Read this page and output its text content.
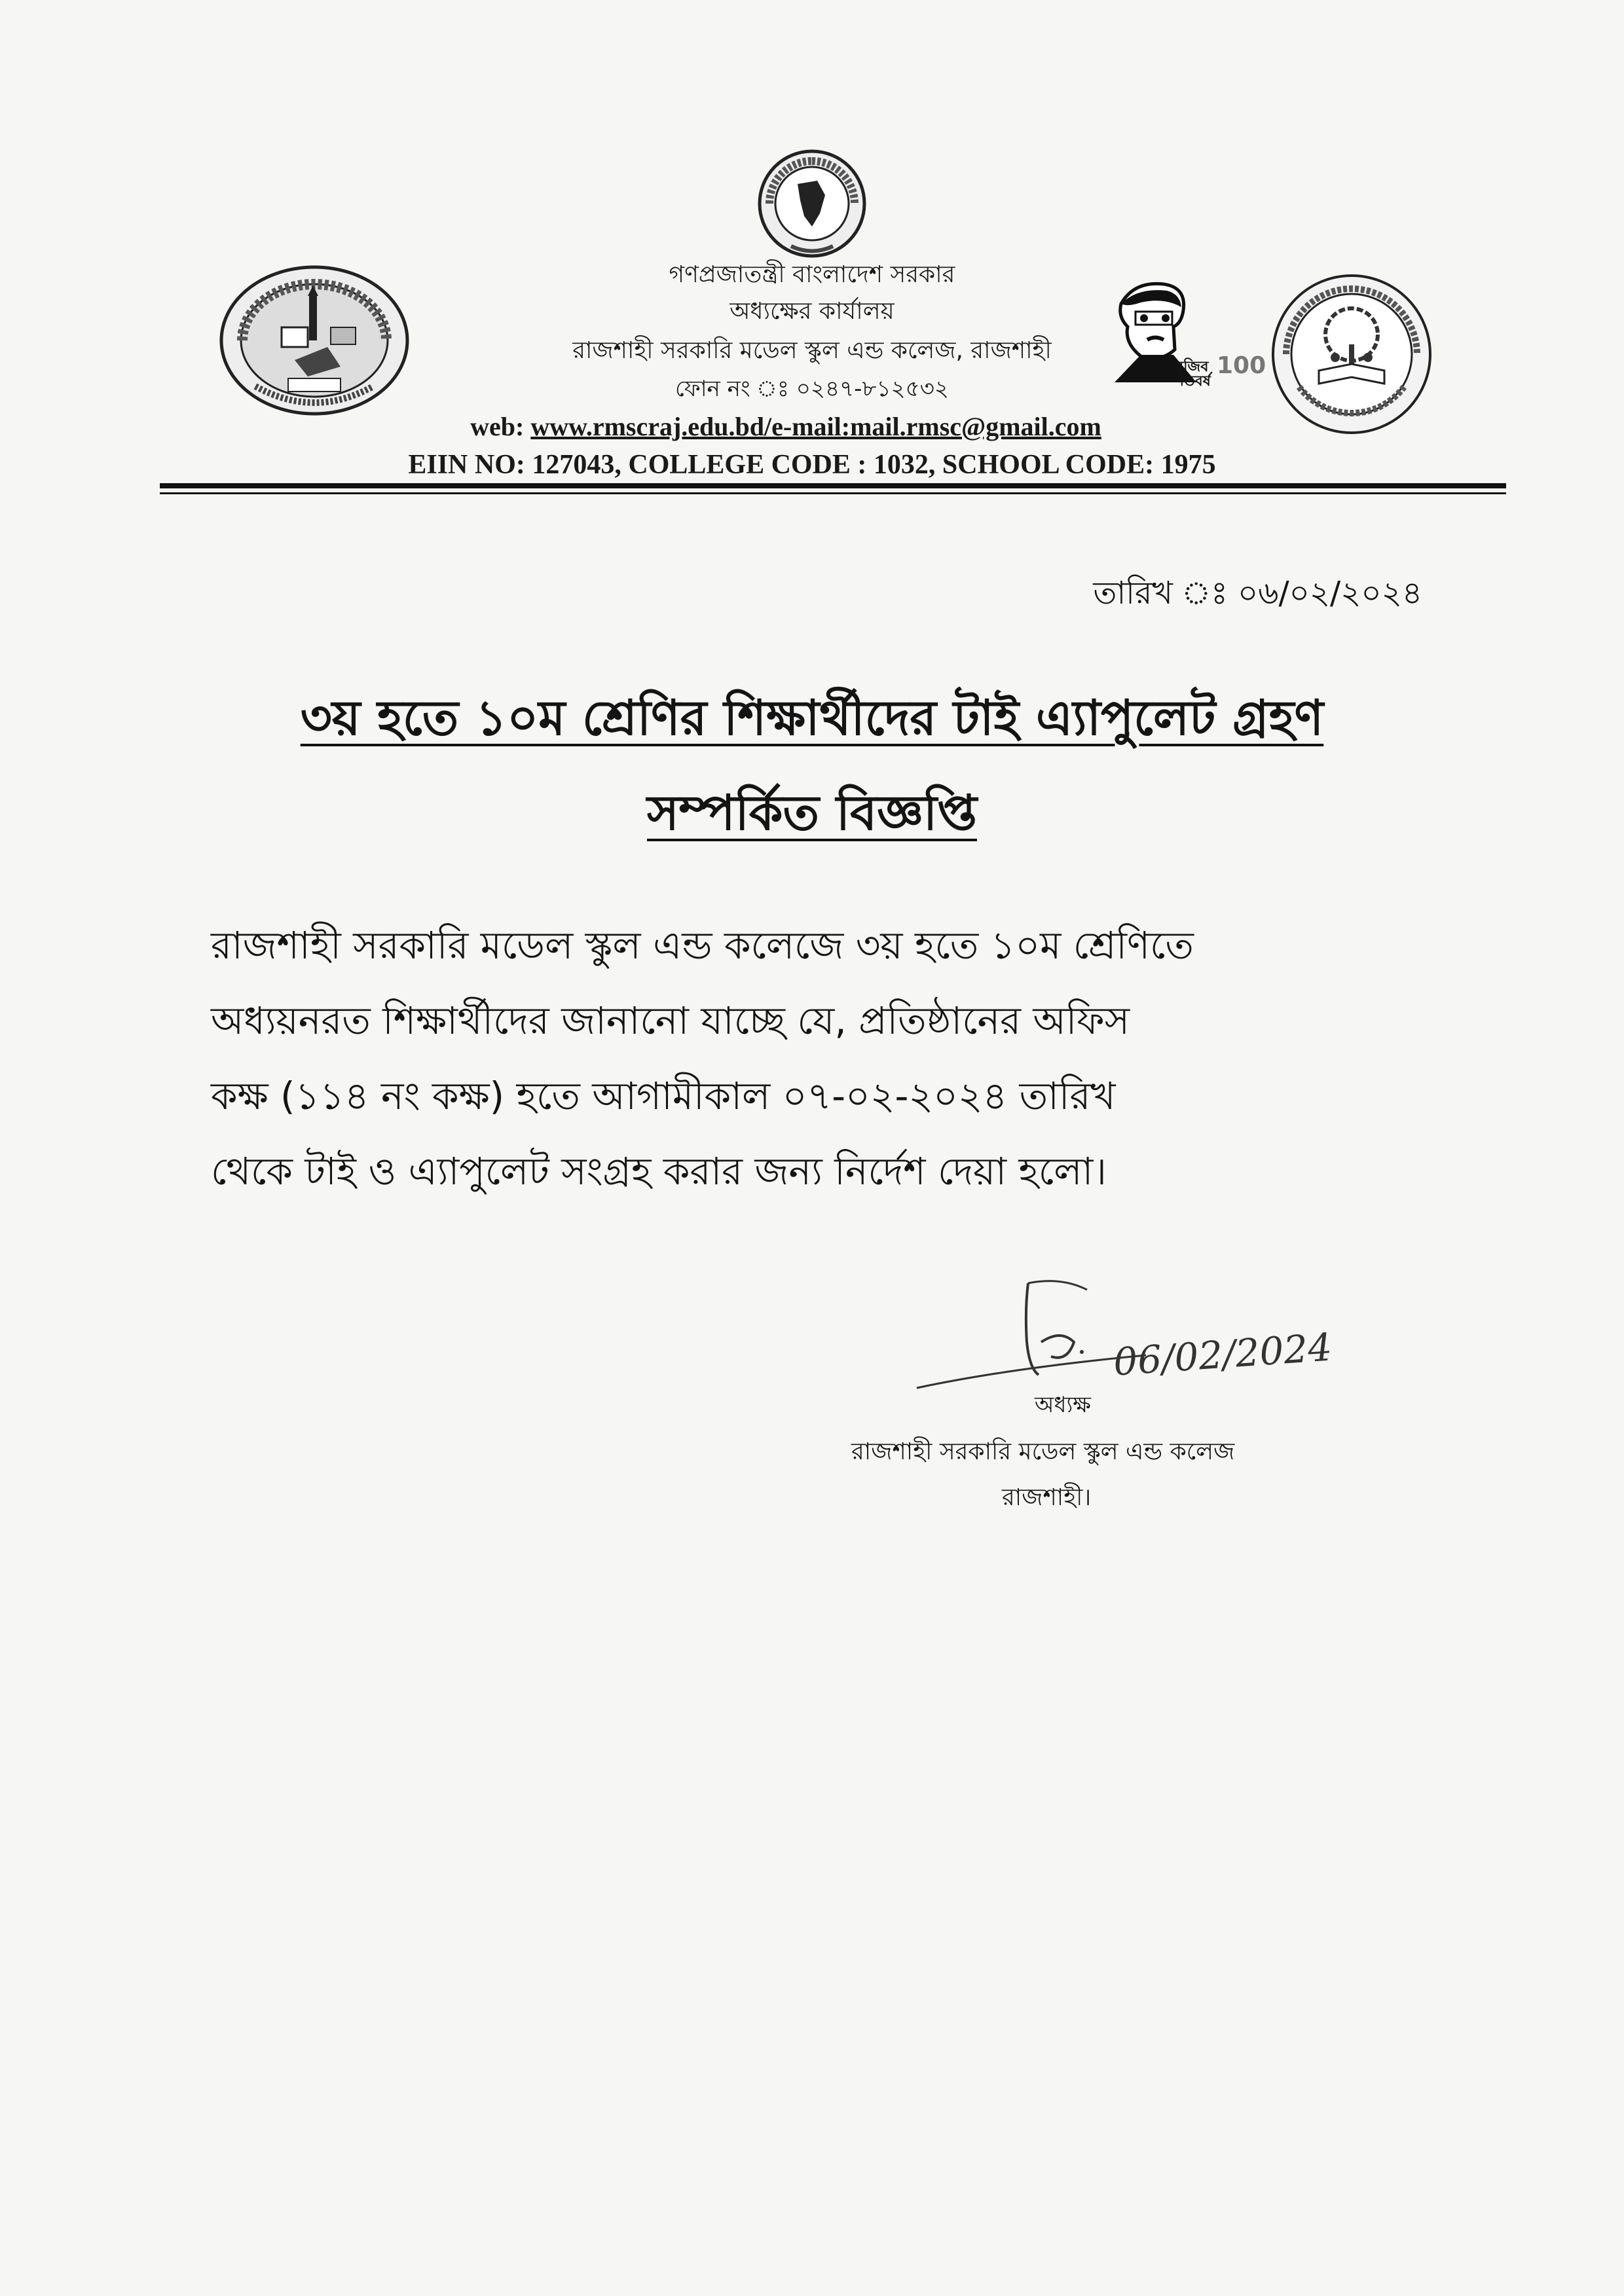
মুজিব শতবর্ষ
100
গণপ্রজাতন্ত্রী বাংলাদেশ সরকার
অধ্যক্ষের কার্যালয়
রাজশাহী সরকারি মডেল স্কুল এন্ড কলেজ, রাজশাহী
ফোন নং ঃ ০২৪৭-৮১২৫৩২
web: www.rmscraj.edu.bd/e-mail:mail.rmsc@gmail.com
EIIN NO: 127043, COLLEGE CODE : 1032, SCHOOL CODE: 1975
তারিখ ঃ ০৬/০২/২০২৪
৩য় হতে ১০ম শ্রেণির শিক্ষার্থীদের টাই এ্যাপুলেট গ্রহণ
সম্পর্কিত বিজ্ঞপ্তি
রাজশাহী সরকারি মডেল স্কুল এন্ড কলেজে ৩য় হতে ১০ম শ্রেণিতে
অধ্যয়নরত শিক্ষার্থীদের জানানো যাচ্ছে যে, প্রতিষ্ঠানের অফিস
কক্ষ (১১৪ নং কক্ষ) হতে আগামীকাল ০৭-০২-২০২৪ তারিখ
থেকে টাই ও এ্যাপুলেট সংগ্রহ করার জন্য নির্দেশ দেয়া হলো।
06/02/2024
অধ্যক্ষ
রাজশাহী সরকারি মডেল স্কুল এন্ড কলেজ
রাজশাহী।
